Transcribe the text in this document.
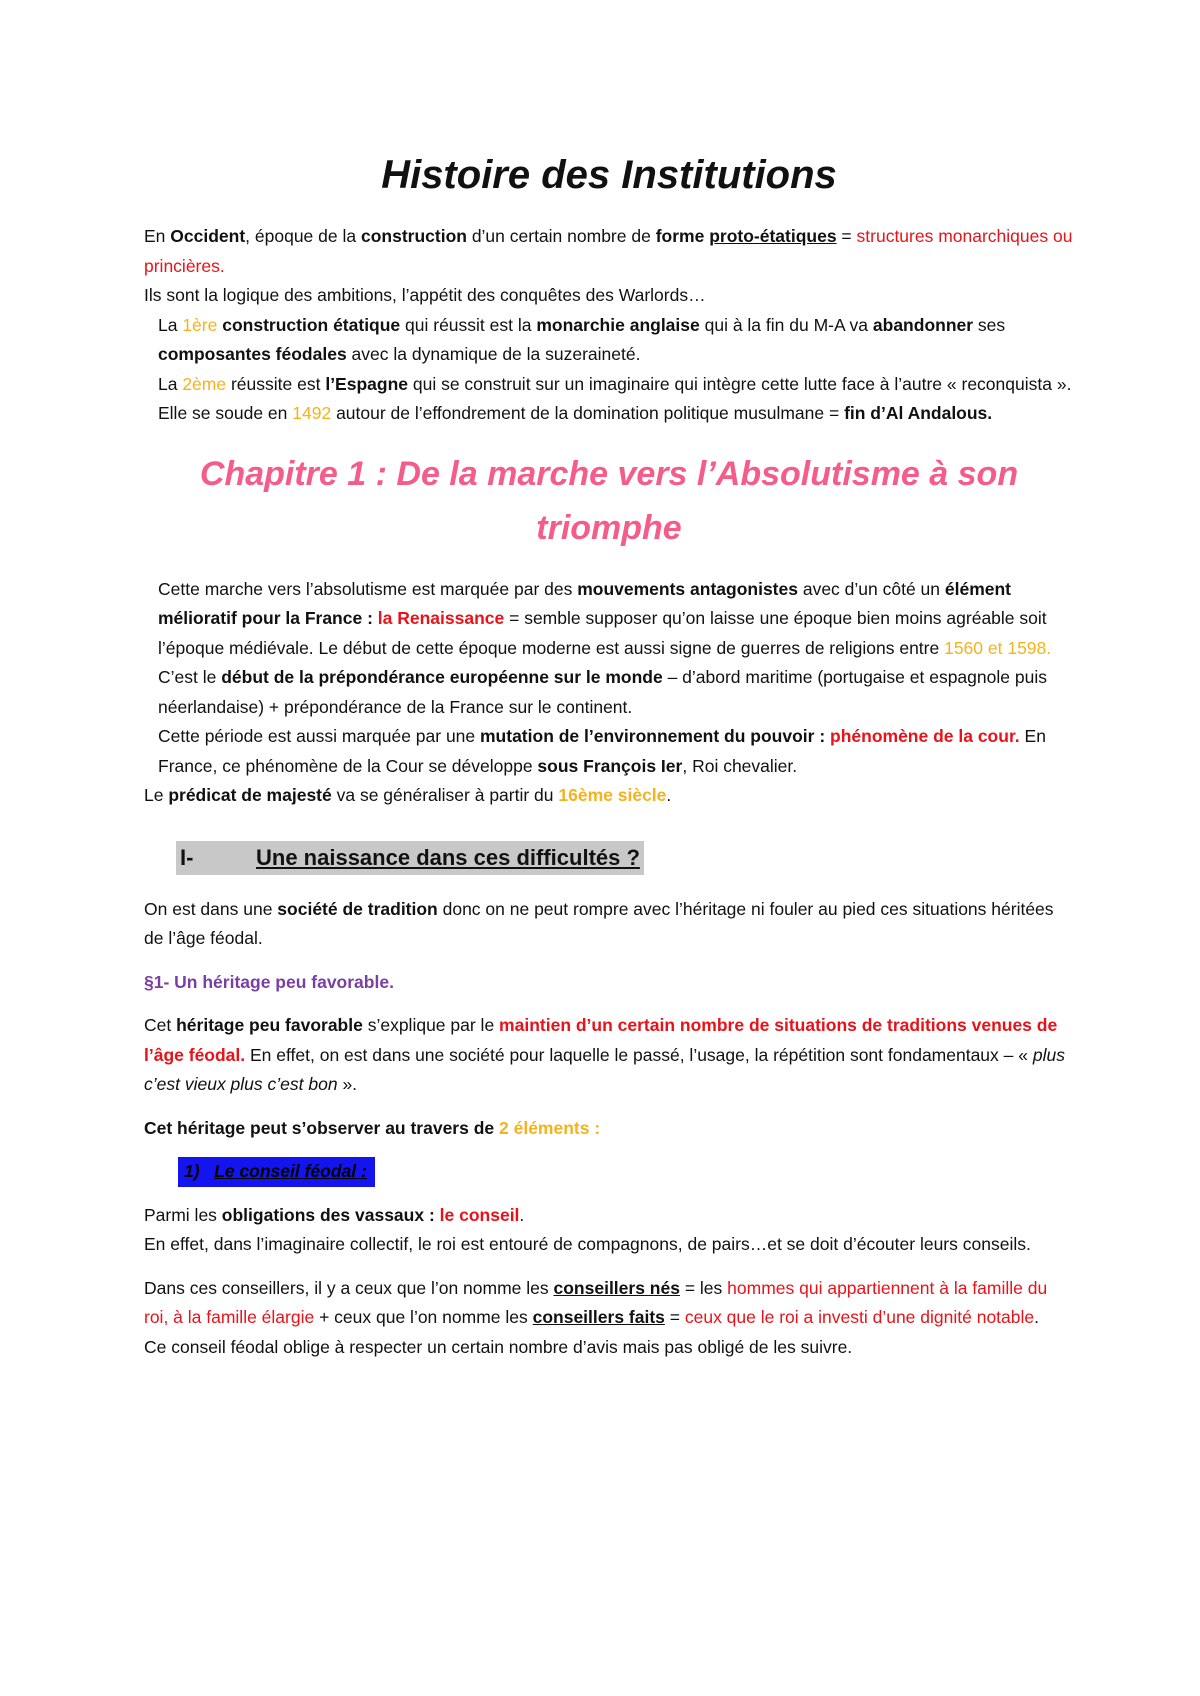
Histoire des Institutions

En Occident, époque de la construction d’un certain nombre de forme proto-étatiques = structures monarchiques ou princières.

Ils sont la logique des ambitions, l’appétit des conquêtes des Warlords…

La 1ère construction étatique qui réussit est la monarchie anglaise qui à la fin du M-A va abandonner ses composantes féodales avec la dynamique de la suzeraineté.

La 2ème réussite est l’Espagne qui se construit sur un imaginaire qui intègre cette lutte face à l’autre « reconquista ». Elle se soude en 1492 autour de l’effondrement de la domination politique musulmane = fin d’Al Andalous.

Chapitre 1 : De la marche vers l’Absolutisme à son
triomphe

Cette marche vers l’absolutisme est marquée par des mouvements antagonistes avec d’un côté un élément mélioratif pour la France : la Renaissance = semble supposer qu’on laisse une époque bien moins agréable soit l’époque médiévale. Le début de cette époque moderne est aussi signe de guerres de religions entre 1560 et 1598.

C’est le début de la prépondérance européenne sur le monde – d’abord maritime (portugaise et espagnole puis néerlandaise) + prépondérance de la France sur le continent.

Cette période est aussi marquée par une mutation de l’environnement du pouvoir : phénomène de la cour. En France, ce phénomène de la Cour se développe sous François Ier, Roi chevalier.

Le prédicat de majesté va se généraliser à partir du 16ème siècle.

I-	Une naissance dans ces difficultés ?

On est dans une société de tradition donc on ne peut rompre avec l’héritage ni fouler au pied ces situations héritées de l’âge féodal.

§1- Un héritage peu favorable.

Cet héritage peu favorable s’explique par le maintien d’un certain nombre de situations de traditions venues de l’âge féodal. En effet, on est dans une société pour laquelle le passé, l’usage, la répétition sont fondamentaux – « plus c’est vieux plus c’est bon ».

Cet héritage peut s’observer au travers de 2 éléments :

1) Le conseil féodal :

Parmi les obligations des vassaux : le conseil.

En effet, dans l’imaginaire collectif, le roi est entouré de compagnons, de pairs…et se doit d’écouter leurs conseils.

Dans ces conseillers, il y a ceux que l’on nomme les conseillers nés = les hommes qui appartiennent à la famille du roi, à la famille élargie + ceux que l’on nomme les conseillers faits = ceux que le roi a investi d’une dignité notable.

Ce conseil féodal oblige à respecter un certain nombre d’avis mais pas obligé de les suivre.
